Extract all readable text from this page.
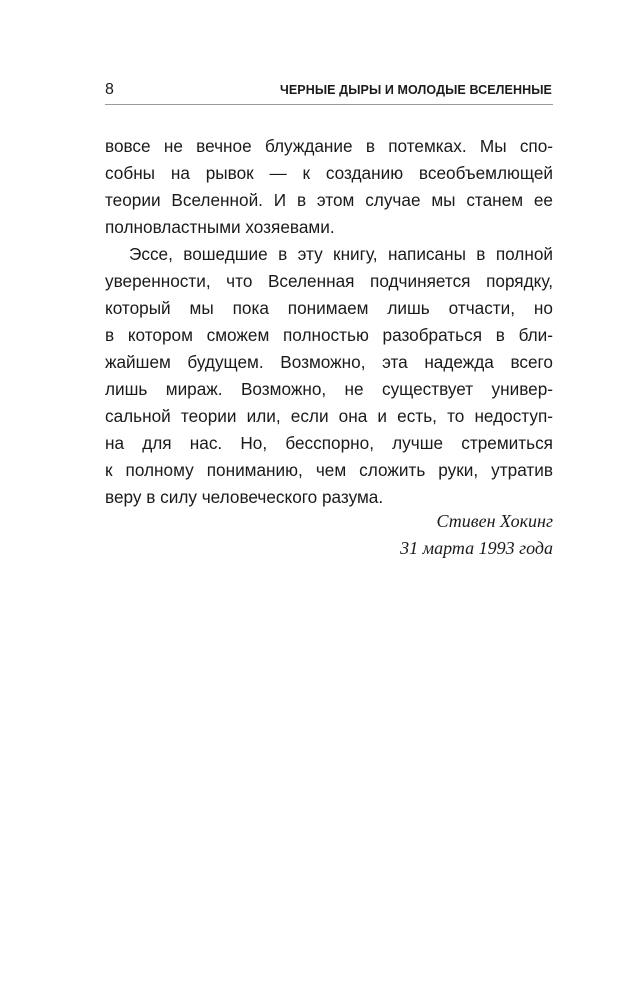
8	ЧЕРНЫЕ ДЫРЫ И МОЛОДЫЕ ВСЕЛЕННЫЕ
вовсе не вечное блуждание в потемках. Мы спо-
собны на рывок — к созданию всеобъемлющей
теории Вселенной. И в этом случае мы станем ее
полновластными хозяевами.
Эссе, вошедшие в эту книгу, написаны в полной
уверенности, что Вселенная подчиняется порядку,
который мы пока понимаем лишь отчасти, но
в котором сможем полностью разобраться в бли-
жайшем будущем. Возможно, эта надежда всего
лишь мираж. Возможно, не существует универ-
сальной теории или, если она и есть, то недоступ-
на для нас. Но, бесспорно, лучше стремиться
к полному пониманию, чем сложить руки, утратив
веру в силу человеческого разума.
Стивен Хокинг
31 марта 1993 года
